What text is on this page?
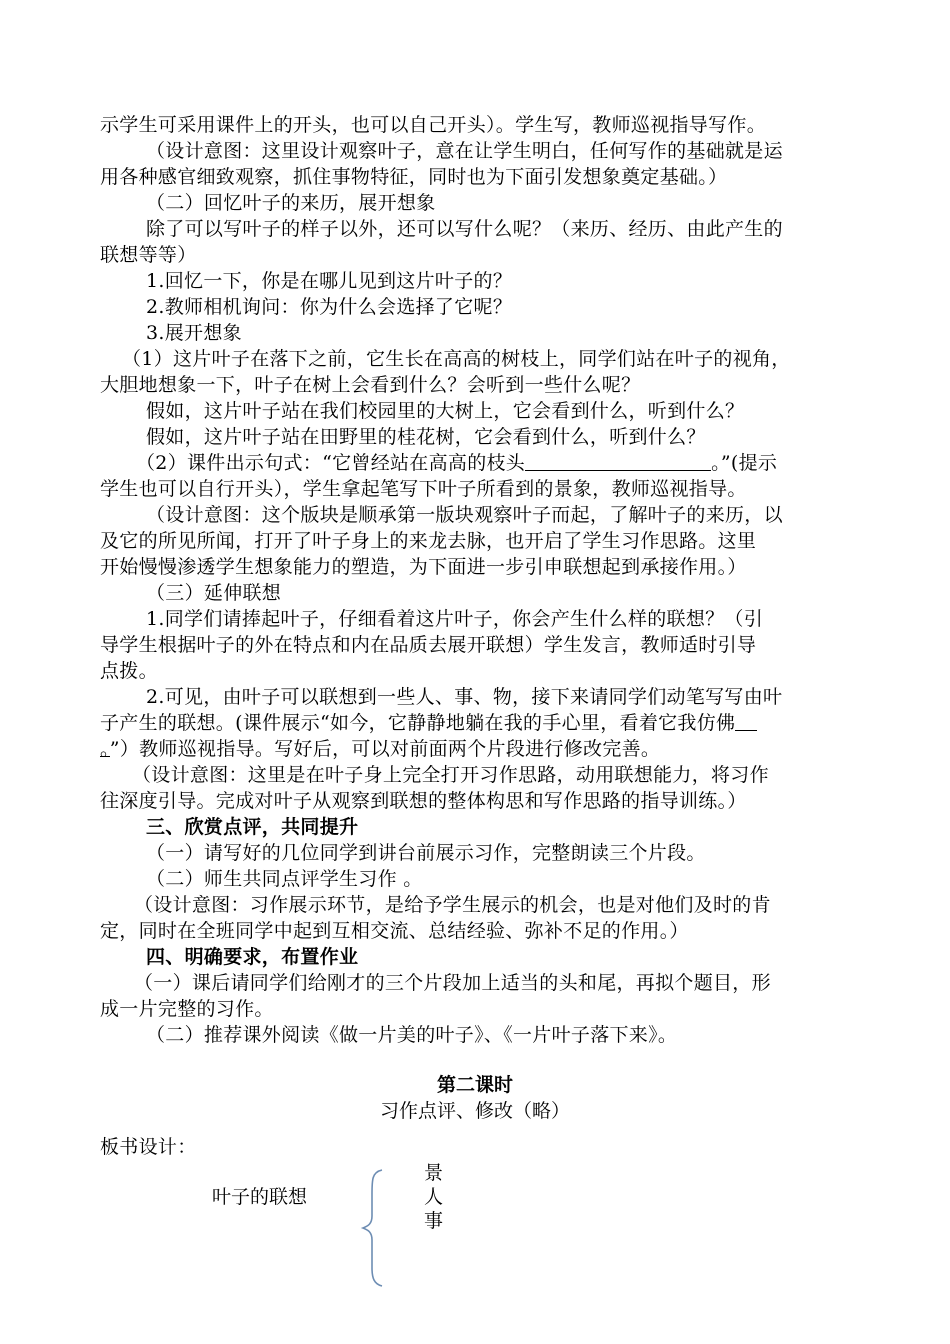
示学生可采用课件上的开头，也可以自己开头）。学生写，教师巡视指导写作。
（设计意图：这里设计观察叶子，意在让学生明白，任何写作的基础就是运
用各种感官细致观察，抓住事物特征，同时也为下面引发想象奠定基础。）
（二）回忆叶子的来历，展开想象
除了可以写叶子的样子以外，还可以写什么呢？（来历、经历、由此产生的
联想等等）
1.回忆一下，你是在哪儿见到这片叶子的？
2.教师相机询问：你为什么会选择了它呢？
3.展开想象
（1）这片叶子在落下之前，它生长在高高的树枝上，同学们站在叶子的视角，
大胆地想象一下，叶子在树上会看到什么？会听到一些什么呢？
假如，这片叶子站在我们校园里的大树上，它会看到什么，听到什么？
假如，这片叶子站在田野里的桂花树，它会看到什么，听到什么？
（2）课件出示句式：“它曾经站在高高的枝头	。”(提示
学生也可以自行开头），学生拿起笔写下叶子所看到的景象，教师巡视指导。
（设计意图：这个版块是顺承第一版块观察叶子而起，了解叶子的来历，以
及它的所见所闻，打开了叶子身上的来龙去脉，也开启了学生习作思路。这里
开始慢慢渗透学生想象能力的塑造，为下面进一步引申联想起到承接作用。）
（三）延伸联想
1.同学们请捧起叶子，仔细看着这片叶子，你会产生什么样的联想？（引
导学生根据叶子的外在特点和内在品质去展开联想）学生发言，教师适时引导
点拨。
2.可见，由叶子可以联想到一些人、事、物，接下来请同学们动笔写写由叶
子产生的联想。(课件展示“如今，它静静地躺在我的手心里，看着它我仿佛
。”）教师巡视指导。写好后，可以对前面两个片段进行修改完善。
（设计意图：这里是在叶子身上完全打开习作思路，动用联想能力，将习作
往深度引导。完成对叶子从观察到联想的整体构思和写作思路的指导训练。）
三、欣赏点评，共同提升
（一）请写好的几位同学到讲台前展示习作，完整朗读三个片段。
（二）师生共同点评学生习作 。
（设计意图：习作展示环节，是给予学生展示的机会，也是对他们及时的肯
定，同时在全班同学中起到互相交流、总结经验、弥补不足的作用。）
四、明确要求，布置作业
（一）课后请同学们给刚才的三个片段加上适当的头和尾，再拟个题目，形
成一片完整的习作。
（二）推荐课外阅读《做一片美的叶子》、《一片叶子落下来》。
第二课时
习作点评、修改（略）
板书设计：
叶子的联想
景
人
事
